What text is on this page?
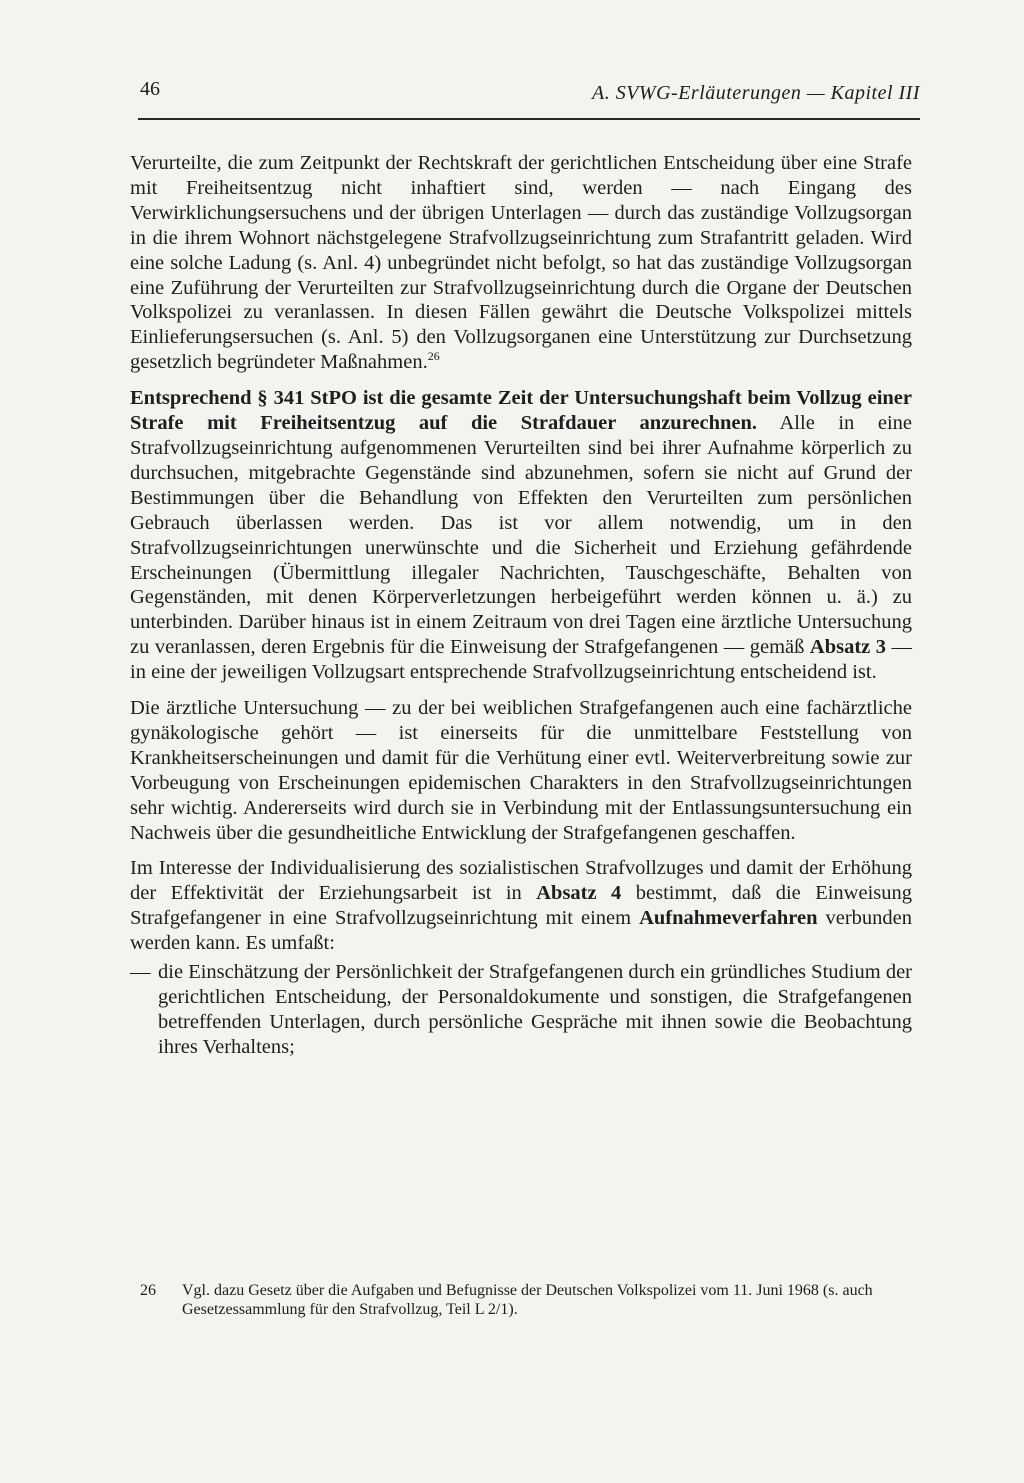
46	A. SVWG-Erläuterungen — Kapitel III

Verurteilte, die zum Zeitpunkt der Rechtskraft der gerichtlichen Entscheidung über eine Strafe mit Freiheitsentzug nicht inhaftiert sind, werden — nach Eingang des Verwirklichungsersuchens und der übrigen Unterlagen — durch das zuständige Vollzugsorgan in die ihrem Wohnort nächstgelegene Strafvollzugseinrichtung zum Strafantritt geladen. Wird eine solche Ladung (s. Anl. 4) unbegründet nicht befolgt, so hat das zuständige Vollzugsorgan eine Zuführung der Verurteilten zur Strafvollzugseinrichtung durch die Organe der Deutschen Volkspolizei zu veranlassen. In diesen Fällen gewährt die Deutsche Volkspolizei mittels Einlieferungsersuchen (s. Anl. 5) den Vollzugsorganen eine Unterstützung zur Durchsetzung gesetzlich begründeter Maßnahmen.$^{26}$

Entsprechend § 341 StPO ist die gesamte Zeit der Untersuchungshaft beim Vollzug einer Strafe mit Freiheitsentzug auf die Strafdauer anzurechnen. Alle in eine Strafvollzugseinrichtung aufgenommenen Verurteilten sind bei ihrer Aufnahme körperlich zu durchsuchen, mitgebrachte Gegenstände sind abzunehmen, sofern sie nicht auf Grund der Bestimmungen über die Behandlung von Effekten den Verurteilten zum persönlichen Gebrauch überlassen werden. Das ist vor allem notwendig, um in den Strafvollzugseinrichtungen unerwünschte und die Sicherheit und Erziehung gefährdende Erscheinungen (Übermittlung illegaler Nachrichten, Tauschgeschäfte, Behalten von Gegenständen, mit denen Körperverletzungen herbeigeführt werden können u. ä.) zu unterbinden. Darüber hinaus ist in einem Zeitraum von drei Tagen eine ärztliche Untersuchung zu veranlassen, deren Ergebnis für die Einweisung der Strafgefangenen — gemäß Absatz 3 — in eine der jeweiligen Vollzugsart entsprechende Strafvollzugseinrichtung entscheidend ist.

Die ärztliche Untersuchung — zu der bei weiblichen Strafgefangenen auch eine fachärztliche gynäkologische gehört — ist einerseits für die unmittelbare Feststellung von Krankheitserscheinungen und damit für die Verhütung einer evtl. Weiterverbreitung sowie zur Vorbeugung von Erscheinungen epidemischen Charakters in den Strafvollzugseinrichtungen sehr wichtig. Andererseits wird durch sie in Verbindung mit der Entlassungsuntersuchung ein Nachweis über die gesundheitliche Entwicklung der Strafgefangenen geschaffen.

Im Interesse der Individualisierung des sozialistischen Strafvollzuges und damit der Erhöhung der Effektivität der Erziehungsarbeit ist in Absatz 4 bestimmt, daß die Einweisung Strafgefangener in eine Strafvollzugseinrichtung mit einem Aufnahmeverfahren verbunden werden kann. Es umfaßt:

— die Einschätzung der Persönlichkeit der Strafgefangenen durch ein gründliches Studium der gerichtlichen Entscheidung, der Personaldokumente und sonstigen, die Strafgefangenen betreffenden Unterlagen, durch persönliche Gespräche mit ihnen sowie die Beobachtung ihres Verhaltens;
26	Vgl. dazu Gesetz über die Aufgaben und Befugnisse der Deutschen Volkspolizei vom 11. Juni 1968 (s. auch Gesetzessammlung für den Strafvollzug, Teil L 2/1).
